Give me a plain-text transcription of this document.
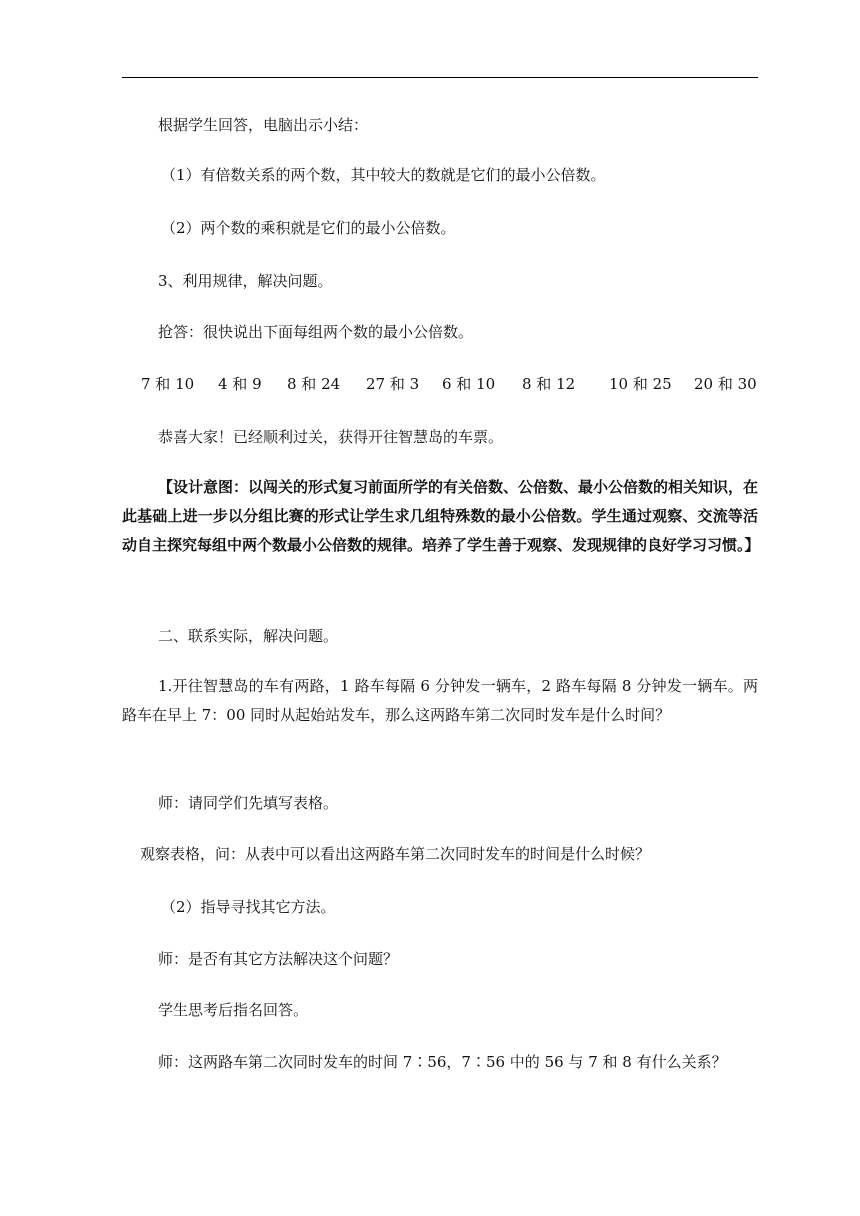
根据学生回答，电脑出示小结：
（1）有倍数关系的两个数，其中较大的数就是它们的最小公倍数。
（2）两个数的乘积就是它们的最小公倍数。
3、利用规律，解决问题。
抢答：很快说出下面每组两个数的最小公倍数。
7 和 10 4 和 9 8 和 24 27 和 3 6 和 10 8 和 12 10 和 25 20 和 30
恭喜大家！已经顺利过关，获得开往智慧岛的车票。
【设计意图：以闯关的形式复习前面所学的有关倍数、公倍数、最小公倍数的相关知识，在此基础上进一步以分组比赛的形式让学生求几组特殊数的最小公倍数。学生通过观察、交流等活动自主探究每组中两个数最小公倍数的规律。培养了学生善于观察、发现规律的良好学习习惯。】
二、联系实际，解决问题。
1.开往智慧岛的车有两路，1 路车每隔 6 分钟发一辆车，2 路车每隔 8 分钟发一辆车。两路车在早上 7：00 同时从起始站发车，那么这两路车第二次同时发车是什么时间？
师：请同学们先填写表格。
观察表格，问：从表中可以看出这两路车第二次同时发车的时间是什么时候？
（2）指导寻找其它方法。
师：是否有其它方法解决这个问题？
学生思考后指名回答。
师：这两路车第二次同时发车的时间 7∶56，7∶56 中的 56 与 7 和 8 有什么关系？
